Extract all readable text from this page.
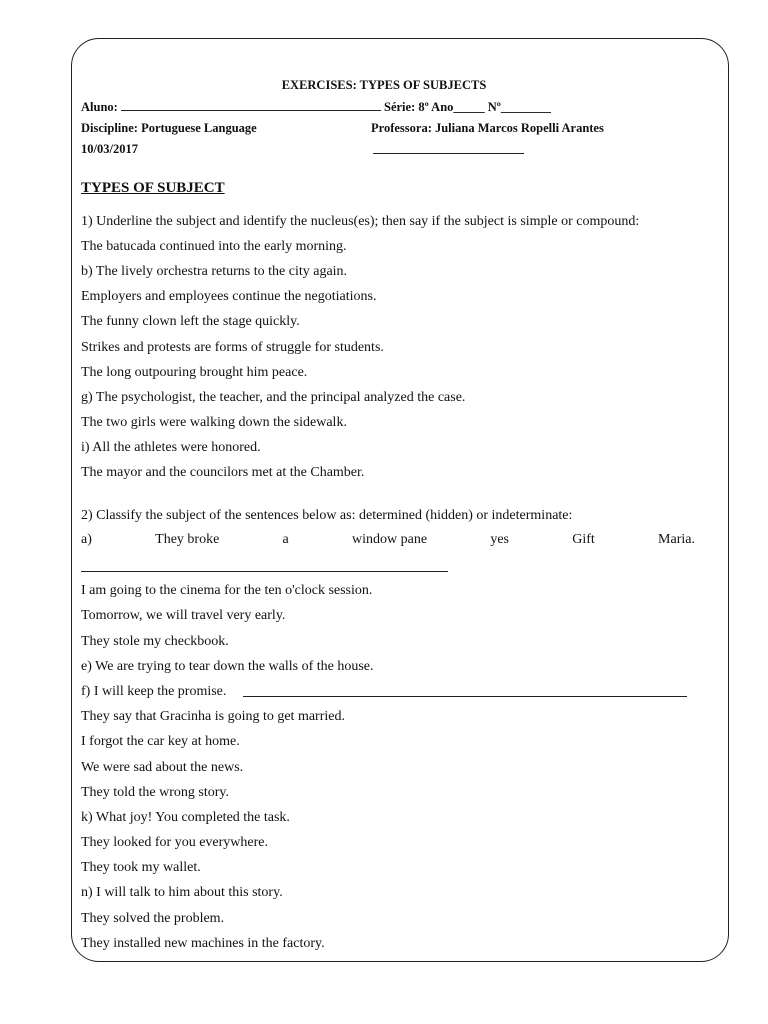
EXERCISES: TYPES OF SUBJECTS
Aluno:	Série: 8º Ano_____ Nº________
Discipline: Portuguese Language	Professora: Juliana Marcos Ropelli Arantes
10/03/2017
TYPES OF SUBJECT
1) Underline the subject and identify the nucleus(es); then say if the subject is simple or compound:
The batucada continued into the early morning.
b) The lively orchestra returns to the city again.
Employers and employees continue the negotiations.
The funny clown left the stage quickly.
Strikes and protests are forms of struggle for students.
The long outpouring brought him peace.
g) The psychologist, the teacher, and the principal analyzed the case.
The two girls were walking down the sidewalk.
i) All the athletes were honored.
The mayor and the councilors met at the Chamber.
2) Classify the subject of the sentences below as: determined (hidden) or indeterminate:
a)	They broke	a	window pane	yes	Gift	Maria.
I am going to the cinema for the ten o'clock session.
Tomorrow, we will travel very early.
They stole my checkbook.
e) We are trying to tear down the walls of the house.
f) I will keep the promise.
They say that Gracinha is going to get married.
I forgot the car key at home.
We were sad about the news.
They told the wrong story.
k) What joy! You completed the task.
They looked for you everywhere.
They took my wallet.
n) I will talk to him about this story.
They solved the problem.
They installed new machines in the factory.
